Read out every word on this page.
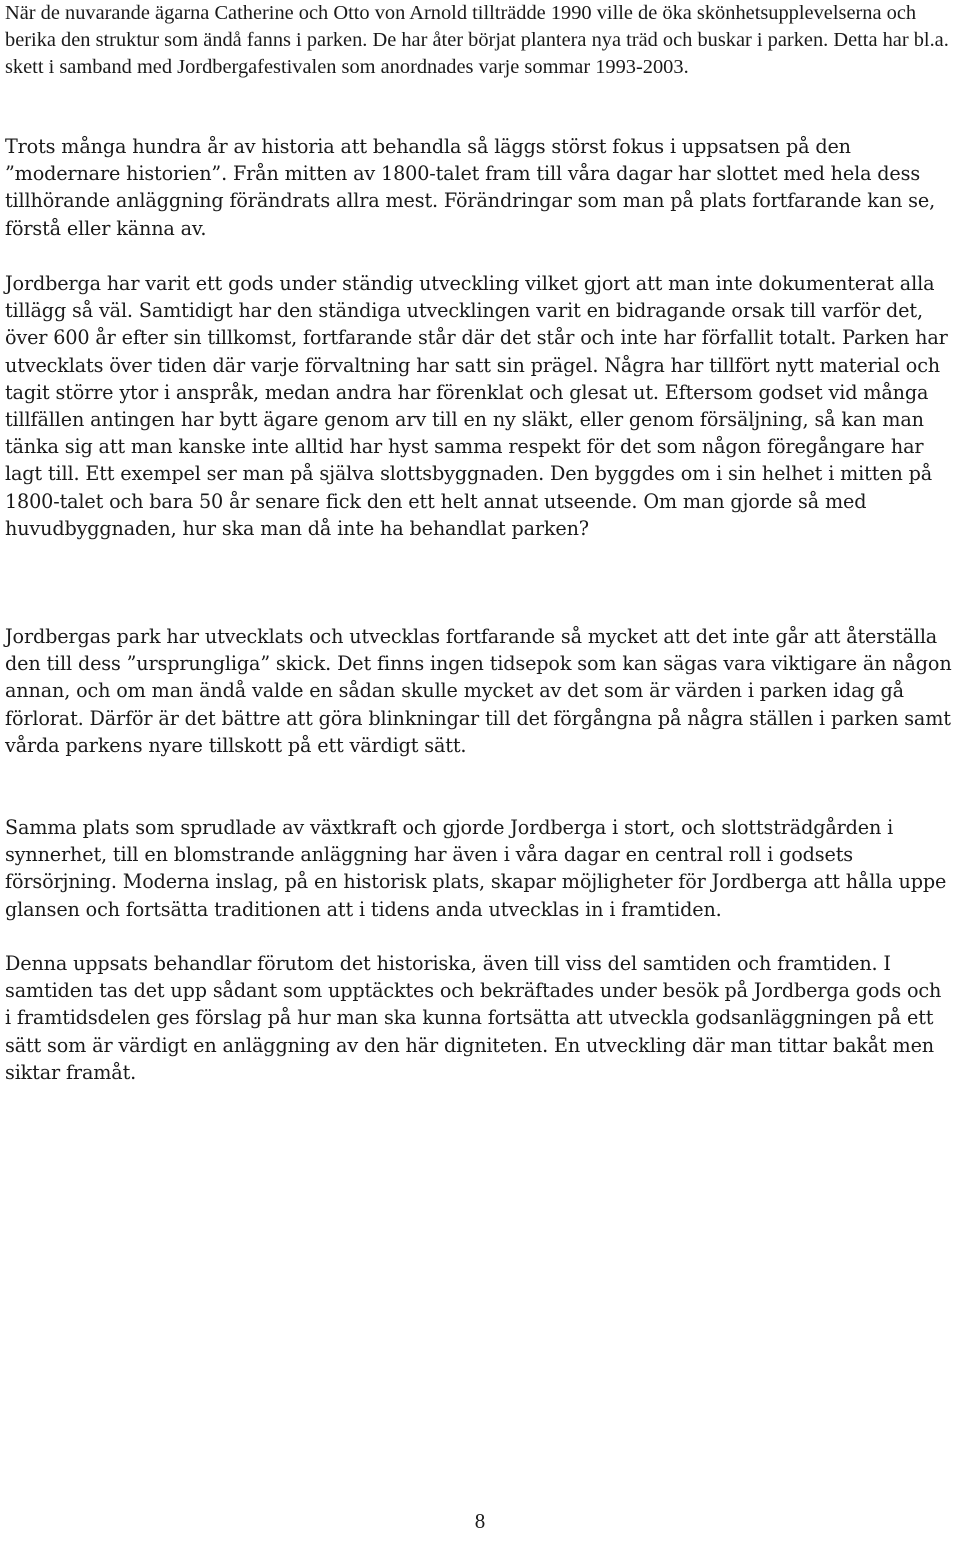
När de nuvarande ägarna Catherine och Otto von Arnold tillträdde 1990 ville de öka skönhetsupplevelserna och berika den struktur som ändå fanns i parken. De har åter börjat plantera nya träd och buskar i parken. Detta har bl.a. skett i samband med Jordbergafestivalen som anordnades varje sommar 1993-2003.

Trots många hundra år av historia att behandla så läggs störst fokus i uppsatsen på den ”modernare historien”. Från mitten av 1800-talet fram till våra dagar har slottet med hela dess tillhörande anläggning förändrats allra mest. Förändringar som man på plats fortfarande kan se, förstå eller känna av.

Jordberga har varit ett gods under ständig utveckling vilket gjort att man inte dokumenterat alla tillägg så väl. Samtidigt har den ständiga utvecklingen varit en bidragande orsak till varför det, över 600 år efter sin tillkomst, fortfarande står där det står och inte har förfallit totalt. Parken har utvecklats över tiden där varje förvaltning har satt sin prägel. Några har tillfört nytt material och tagit större ytor i anspråk, medan andra har förenklat och glesat ut. Eftersom godset vid många tillfällen antingen har bytt ägare genom arv till en ny släkt, eller genom försäljning, så kan man tänka sig att man kanske inte alltid har hyst samma respekt för det som någon föregångare har lagt till. Ett exempel ser man på själva slottsbyggnaden. Den byggdes om i sin helhet i mitten på 1800-talet och bara 50 år senare fick den ett helt annat utseende. Om man gjorde så med huvudbyggnaden, hur ska man då inte ha behandlat parken?

Jordbergas park har utvecklats och utvecklas fortfarande så mycket att det inte går att återställa den till dess ”ursprungliga” skick. Det finns ingen tidsepok som kan sägas vara viktigare än någon annan, och om man ändå valde en sådan skulle mycket av det som är värden i parken idag gå förlorat. Därför är det bättre att göra blinkningar till det förgångna på några ställen i parken samt vårda parkens nyare tillskott på ett värdigt sätt.

Samma plats som sprudlade av växtkraft och gjorde Jordberga i stort, och slottsträdgården i synnerhet, till en blomstrande anläggning har även i våra dagar en central roll i godsets försörjning. Moderna inslag, på en historisk plats, skapar möjligheter för Jordberga att hålla uppe glansen och fortsätta traditionen att i tidens anda utvecklas in i framtiden.

Denna uppsats behandlar förutom det historiska, även till viss del samtiden och framtiden. I samtiden tas det upp sådant som upptäcktes och bekräftades under besök på Jordberga gods och i framtidsdelen ges förslag på hur man ska kunna fortsätta att utveckla godsanläggningen på ett sätt som är värdigt en anläggning av den här digniteten. En utveckling där man tittar bakåt men siktar framåt.

8
